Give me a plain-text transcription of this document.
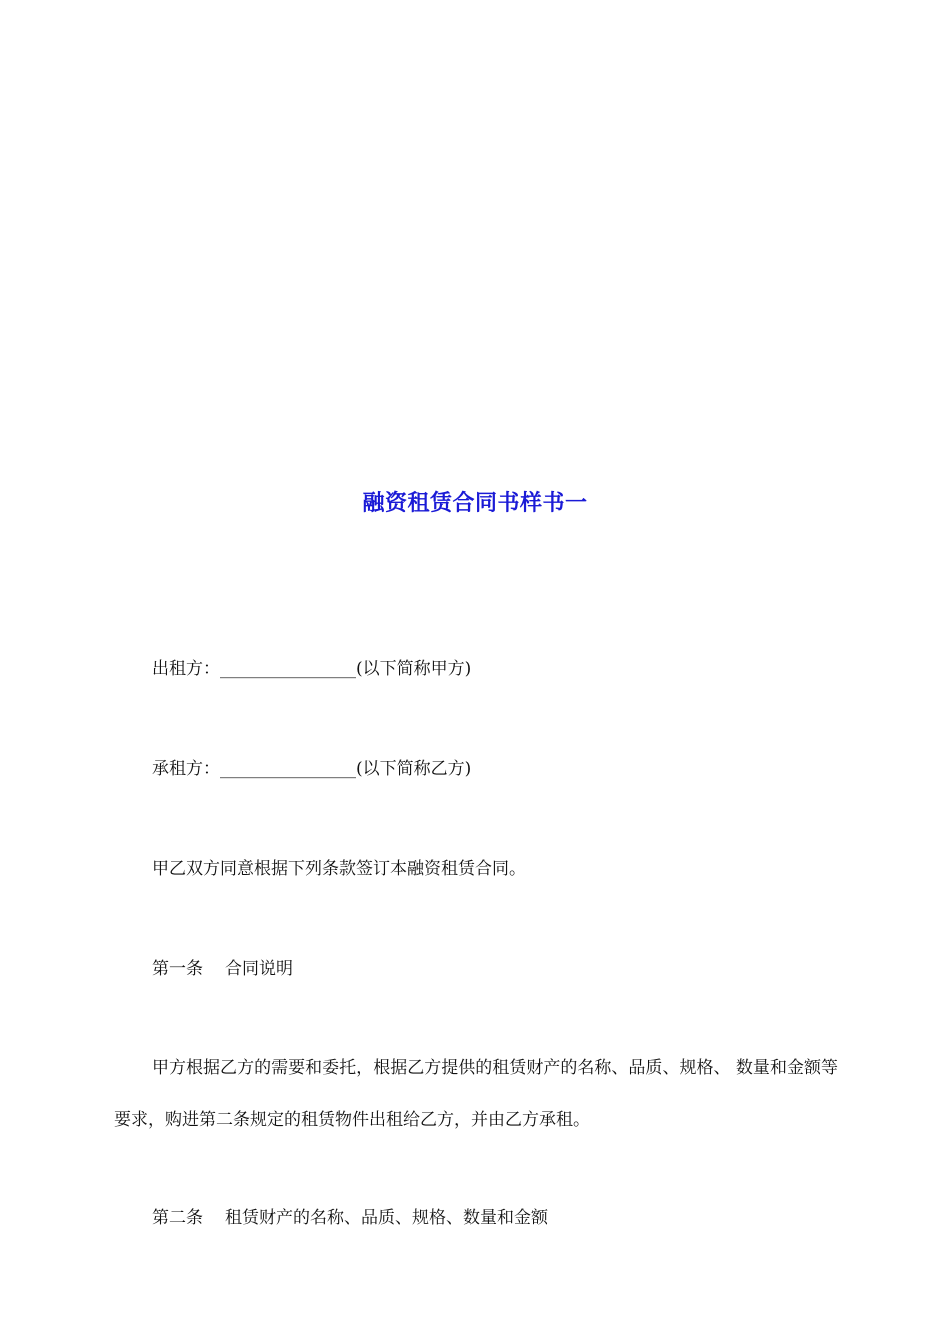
融资租赁合同书样书一
出租方：________________(以下简称甲方)
承租方：________________(以下简称乙方)
甲乙双方同意根据下列条款签订本融资租赁合同。
第一条 合同说明
甲方根据乙方的需要和委托，根据乙方提供的租赁财产的名称、品质、规格、 数量和金额等要求，购进第二条规定的租赁物件出租给乙方，并由乙方承租。
第二条 租赁财产的名称、品质、规格、数量和金额
